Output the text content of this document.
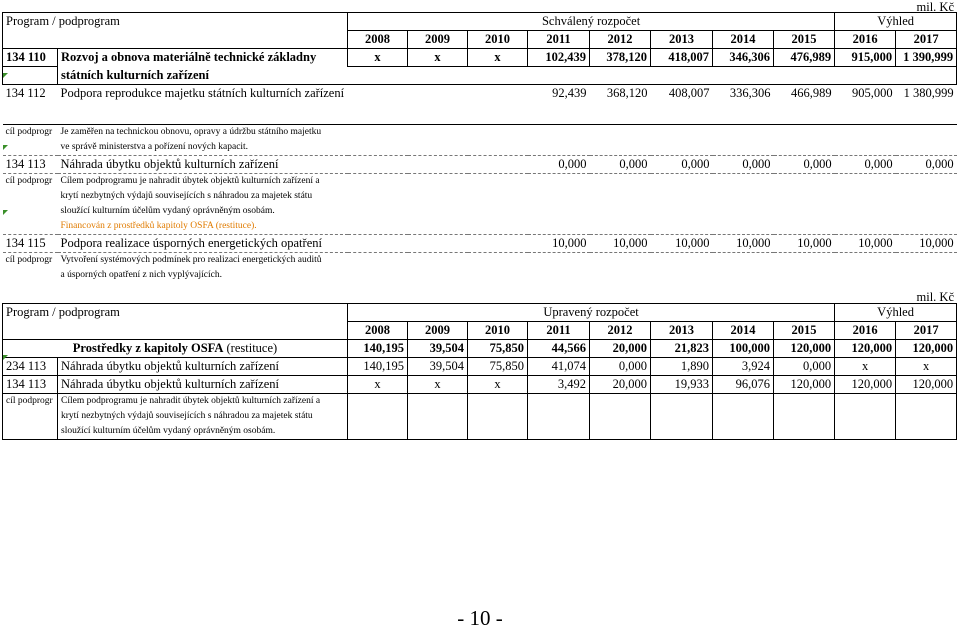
mil. Kč
Program / podprogram		Schválený rozpočet								Výhled	
		2008	2009	2010	2011	2012	2013	2014	2015	2016	2017
134 110	Rozvoj a obnova materiálně technické základny	x	x	x	102,439	378,120	418,007	346,306	476,989	915,000	1 390,999
	státních kulturních zařízení										
134 112	Podpora reprodukce majetku státních kulturních zařízení				92,439	368,120	408,007	336,306	466,989	905,000	1 380,999

cíl podprogr	Je zaměřen na technickou obnovu, opravy a údržbu státního majetku										
	ve správě ministerstva a pořízení nových kapacit.										
134 113	Náhrada úbytku objektů kulturních zařízení				0,000	0,000	0,000	0,000	0,000	0,000	0,000
cíl podprogr	Cílem podprogramu je nahradit úbytek objektů kulturních zařízení a										
	krytí nezbytných výdajů souvisejících s náhradou za majetek státu										
	sloužící kulturním účelům vydaný oprávněným osobám.										
	Financován z prostředků kapitoly OSFA (restituce).										
134 115	Podpora realizace úsporných energetických opatření				10,000	10,000	10,000	10,000	10,000	10,000	10,000
cíl podprogr	Vytvoření systémových podmínek pro realizaci energetických auditů										
	a úsporných opatření z nich vyplývajících.										
mil. Kč
Program / podprogram		Upravený rozpočet								Výhled	
		2008	2009	2010	2011	2012	2013	2014	2015	2016	2017
Prostředky z kapitoly OSFA (restituce)		140,195	39,504	75,850	44,566	20,000	21,823	100,000	120,000	120,000	120,000
234 113	Náhrada úbytku objektů kulturních zařízení	140,195	39,504	75,850	41,074	0,000	1,890	3,924	0,000	x	x
134 113	Náhrada úbytku objektů kulturních zařízení	x	x	x	3,492	20,000	19,933	96,076	120,000	120,000	120,000
cíl podprogr	Cílem podprogramu je nahradit úbytek objektů kulturních zařízení a										
	krytí nezbytných výdajů souvisejících s náhradou za majetek státu										
	sloužící kulturním účelům vydaný oprávněným osobám.										
- 10 -
